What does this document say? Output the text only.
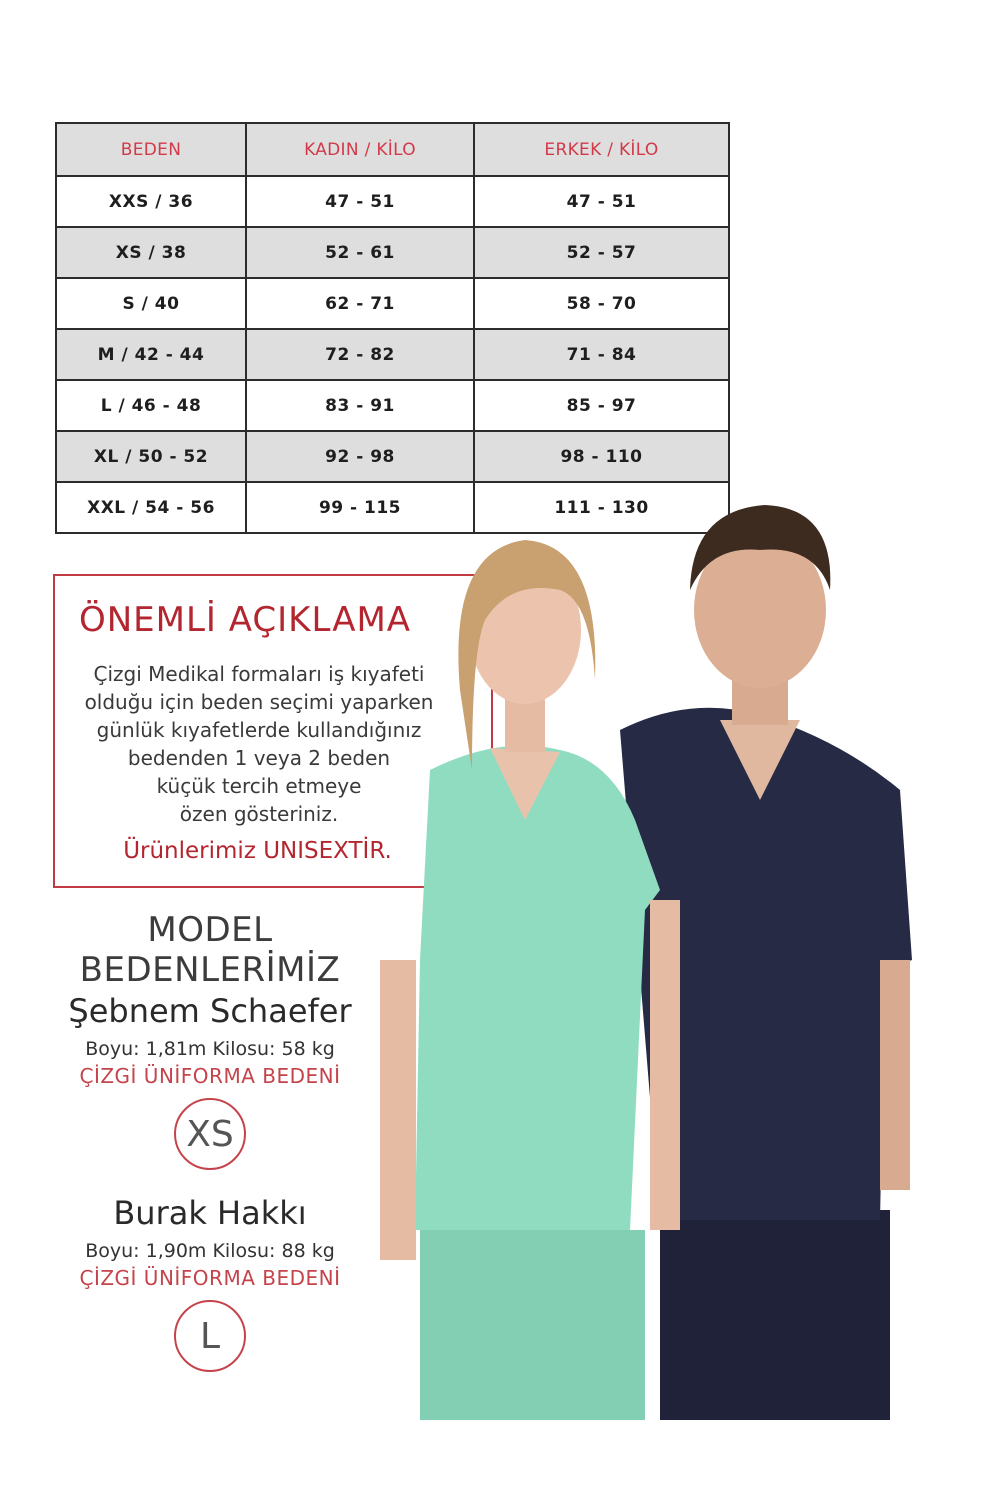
BEDEN	KADIN / KİLO	ERKEK / KİLO
XXS / 36	47 - 51	47 - 51
XS / 38	52 - 61	52 - 57
S / 40	62 - 71	58 - 70
M / 42 - 44	72 - 82	71 - 84
L / 46 - 48	83 - 91	85 - 97
XL / 50 - 52	92 - 98	98 - 110
XXL / 54 - 56	99 - 115	111 - 130
ÖNEMLİ AÇIKLAMA
Çizgi Medikal formaları iş kıyafeti
olduğu için beden seçimi yaparken
günlük kıyafetlerde kullandığınız
bedenden 1 veya 2 beden
küçük tercih etmeye
özen gösteriniz.
Ürünlerimiz UNISEXTİR.
MODEL
BEDENLERİMİZ
Şebnem Schaefer
Boyu: 1,81m Kilosu: 58 kg
ÇİZGİ ÜNİFORMA BEDENİ
XS
Burak Hakkı
Boyu: 1,90m Kilosu: 88 kg
ÇİZGİ ÜNİFORMA BEDENİ
L
